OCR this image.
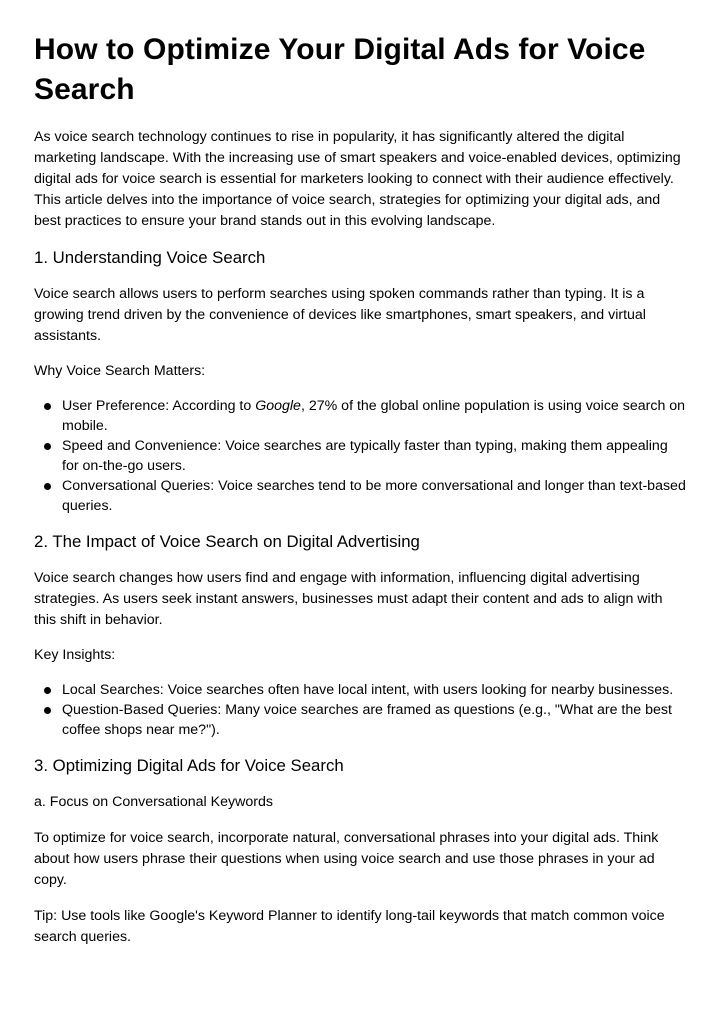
How to Optimize Your Digital Ads for Voice Search

As voice search technology continues to rise in popularity, it has significantly altered the digital marketing landscape. With the increasing use of smart speakers and voice-enabled devices, optimizing digital ads for voice search is essential for marketers looking to connect with their audience effectively. This article delves into the importance of voice search, strategies for optimizing your digital ads, and best practices to ensure your brand stands out in this evolving landscape.

1. Understanding Voice Search

Voice search allows users to perform searches using spoken commands rather than typing. It is a growing trend driven by the convenience of devices like smartphones, smart speakers, and virtual assistants.

Why Voice Search Matters:

User Preference: According to Google, 27% of the global online population is using voice search on mobile.
Speed and Convenience: Voice searches are typically faster than typing, making them appealing for on-the-go users.
Conversational Queries: Voice searches tend to be more conversational and longer than text-based queries.
2. The Impact of Voice Search on Digital Advertising

Voice search changes how users find and engage with information, influencing digital advertising strategies. As users seek instant answers, businesses must adapt their content and ads to align with this shift in behavior.

Key Insights:

Local Searches: Voice searches often have local intent, with users looking for nearby businesses.
Question-Based Queries: Many voice searches are framed as questions (e.g., "What are the best coffee shops near me?").
3. Optimizing Digital Ads for Voice Search

a. Focus on Conversational Keywords

To optimize for voice search, incorporate natural, conversational phrases into your digital ads. Think about how users phrase their questions when using voice search and use those phrases in your ad copy.

Tip: Use tools like Google's Keyword Planner to identify long-tail keywords that match common voice search queries.
